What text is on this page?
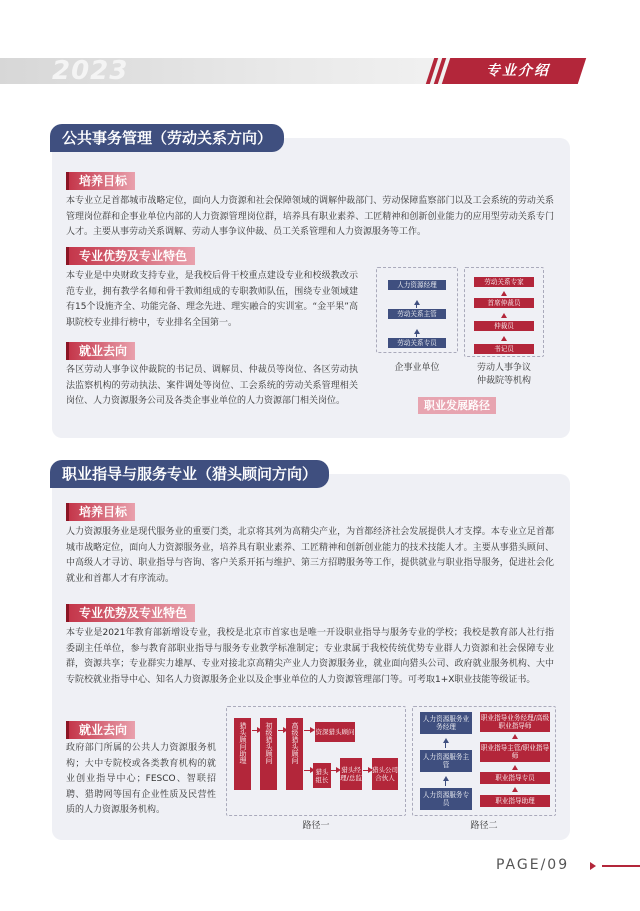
2023	专业介绍
公共事务管理（劳动关系方向）
培养目标
本专业立足首都城市战略定位，面向人力资源和社会保障领域的调解仲裁部门、劳动保障监察部门以及工会系统的劳动关系管理岗位群和企事业单位内部的人力资源管理岗位群，培养具有职业素养、工匠精神和创新创业能力的应用型劳动关系专门人才。主要从事劳动关系调解、劳动人事争议仲裁、员工关系管理和人力资源服务等工作。
专业优势及专业特色
本专业是中央财政支持专业，是我校后骨干校重点建设专业和校级教改示范专业，拥有教学名师和骨干教师组成的专职教师队伍，围绕专业领域建有15个设施齐全、功能完备、理念先进、理实融合的实训室。“金平果”高职院校专业排行榜中，专业排名全国第一。
就业去向
各区劳动人事争议仲裁院的书记员、调解员、仲裁员等岗位、各区劳动执法监察机构的劳动执法、案件调处等岗位、工会系统的劳动关系管理相关岗位、人力资源服务公司及各类企事业单位的人力资源部门相关岗位。
人力资源经理
劳动关系主管
劳动关系专员
企事业单位
劳动关系专家
首席仲裁员
仲裁员
书记员
劳动人事争议
仲裁院等机构
职业发展路径
职业指导与服务专业（猎头顾问方向）
培养目标
人力资源服务业是现代服务业的重要门类，北京将其列为高精尖产业，为首都经济社会发展提供人才支撑。本专业立足首都城市战略定位，面向人力资源服务业，培养具有职业素养、工匠精神和创新创业能力的技术技能人才。主要从事猎头顾问、中高级人才寻访、职业指导与咨询、客户关系开拓与维护、第三方招聘服务等工作，提供就业与职业指导服务，促进社会化就业和首都人才有序流动。
专业优势及专业特色
本专业是2021年教育部新增设专业，我校是北京市首家也是唯一开设职业指导与服务专业的学校；我校是教育部人社行指委副主任单位，参与教育部职业指导与服务专业教学标准制定；专业隶属于我校传统优势专业群人力资源和社会保障专业群，资源共享；专业群实力雄厚、专业对接北京高精尖产业人力资源服务业，就业面向猎头公司、政府就业服务机构、大中专院校就业指导中心、知名人力资源服务企业以及企事业单位的人力资源管理部门等。可考取1+X职业技能等级证书。
就业去向
政府部门所属的公共人力资源服务机构；大中专院校或各类教育机构的就业创业指导中心；FESCO、智联招聘、猎聘网等国有企业性质及民营性质的人力资源服务机构。
猎头顾问助理	初级猎头顾问	高级猎头顾问	资深猎头顾问
猎头组长
猎头经理/总监
猎头公司合伙人
路径一
人力资源服务业务经理
人力资源服务主管
人力资源服务专员
职业指导业务经理/高级职业指导师
职业指导主管/职业指导师
职业指导专员
职业指导助理
路径二
PAGE/09
